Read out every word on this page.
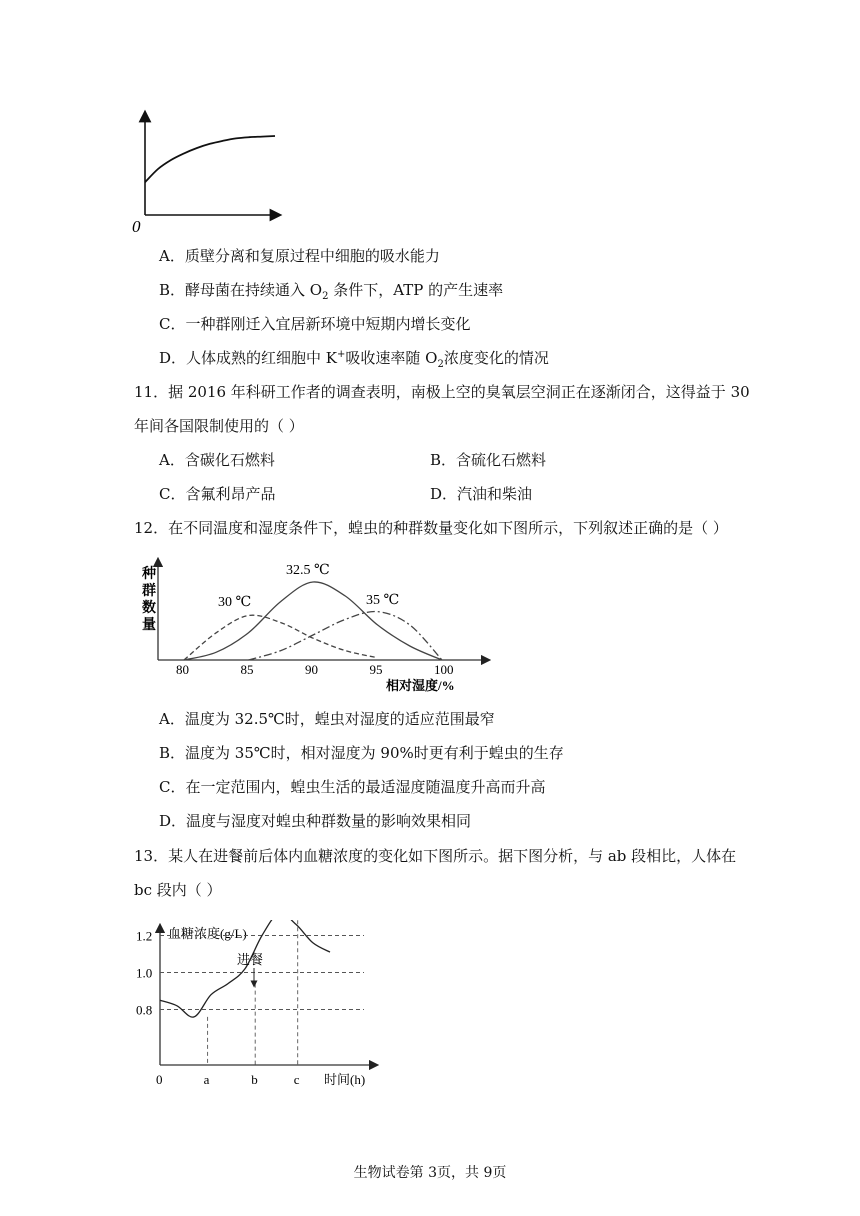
0
A．质壁分离和复原过程中细胞的吸水能力
B．酵母菌在持续通入 $O_2$ 条件下，ATP 的产生速率
C．一种群刚迁入宜居新环境中短期内增长变化
D．人体成熟的红细胞中 K+吸收速率随 $O_2$浓度变化的情况
11．据 2016 年科研工作者的调查表明，南极上空的臭氧层空洞正在逐渐闭合，这得益于 30
年间各国限制使用的（ ）
A．含碳化石燃料	B．含硫化石燃料
C．含氟利昂产品	D．汽油和柴油
12．在不同温度和湿度条件下，蝗虫的种群数量变化如下图所示，下列叙述正确的是（ ）
种
群
数
量
80	85	90	95	100
30 ℃
32.5 ℃
35 ℃
相对湿度/%
A．温度为 32.5℃时，蝗虫对湿度的适应范围最窄
B．温度为 35℃时，相对湿度为 90%时更有利于蝗虫的生存
C．在一定范围内，蝗虫生活的最适湿度随温度升高而升高
D．温度与湿度对蝗虫种群数量的影响效果相同
13．某人在进餐前后体内血糖浓度的变化如下图所示。据下图分析，与 ab 段相比，人体在
bc 段内（ ）
血糖浓度(g/L)
0.8
1.0
1.2
a	b	c
进餐
0	时间(h)
生物试卷第 3页，共 9页
